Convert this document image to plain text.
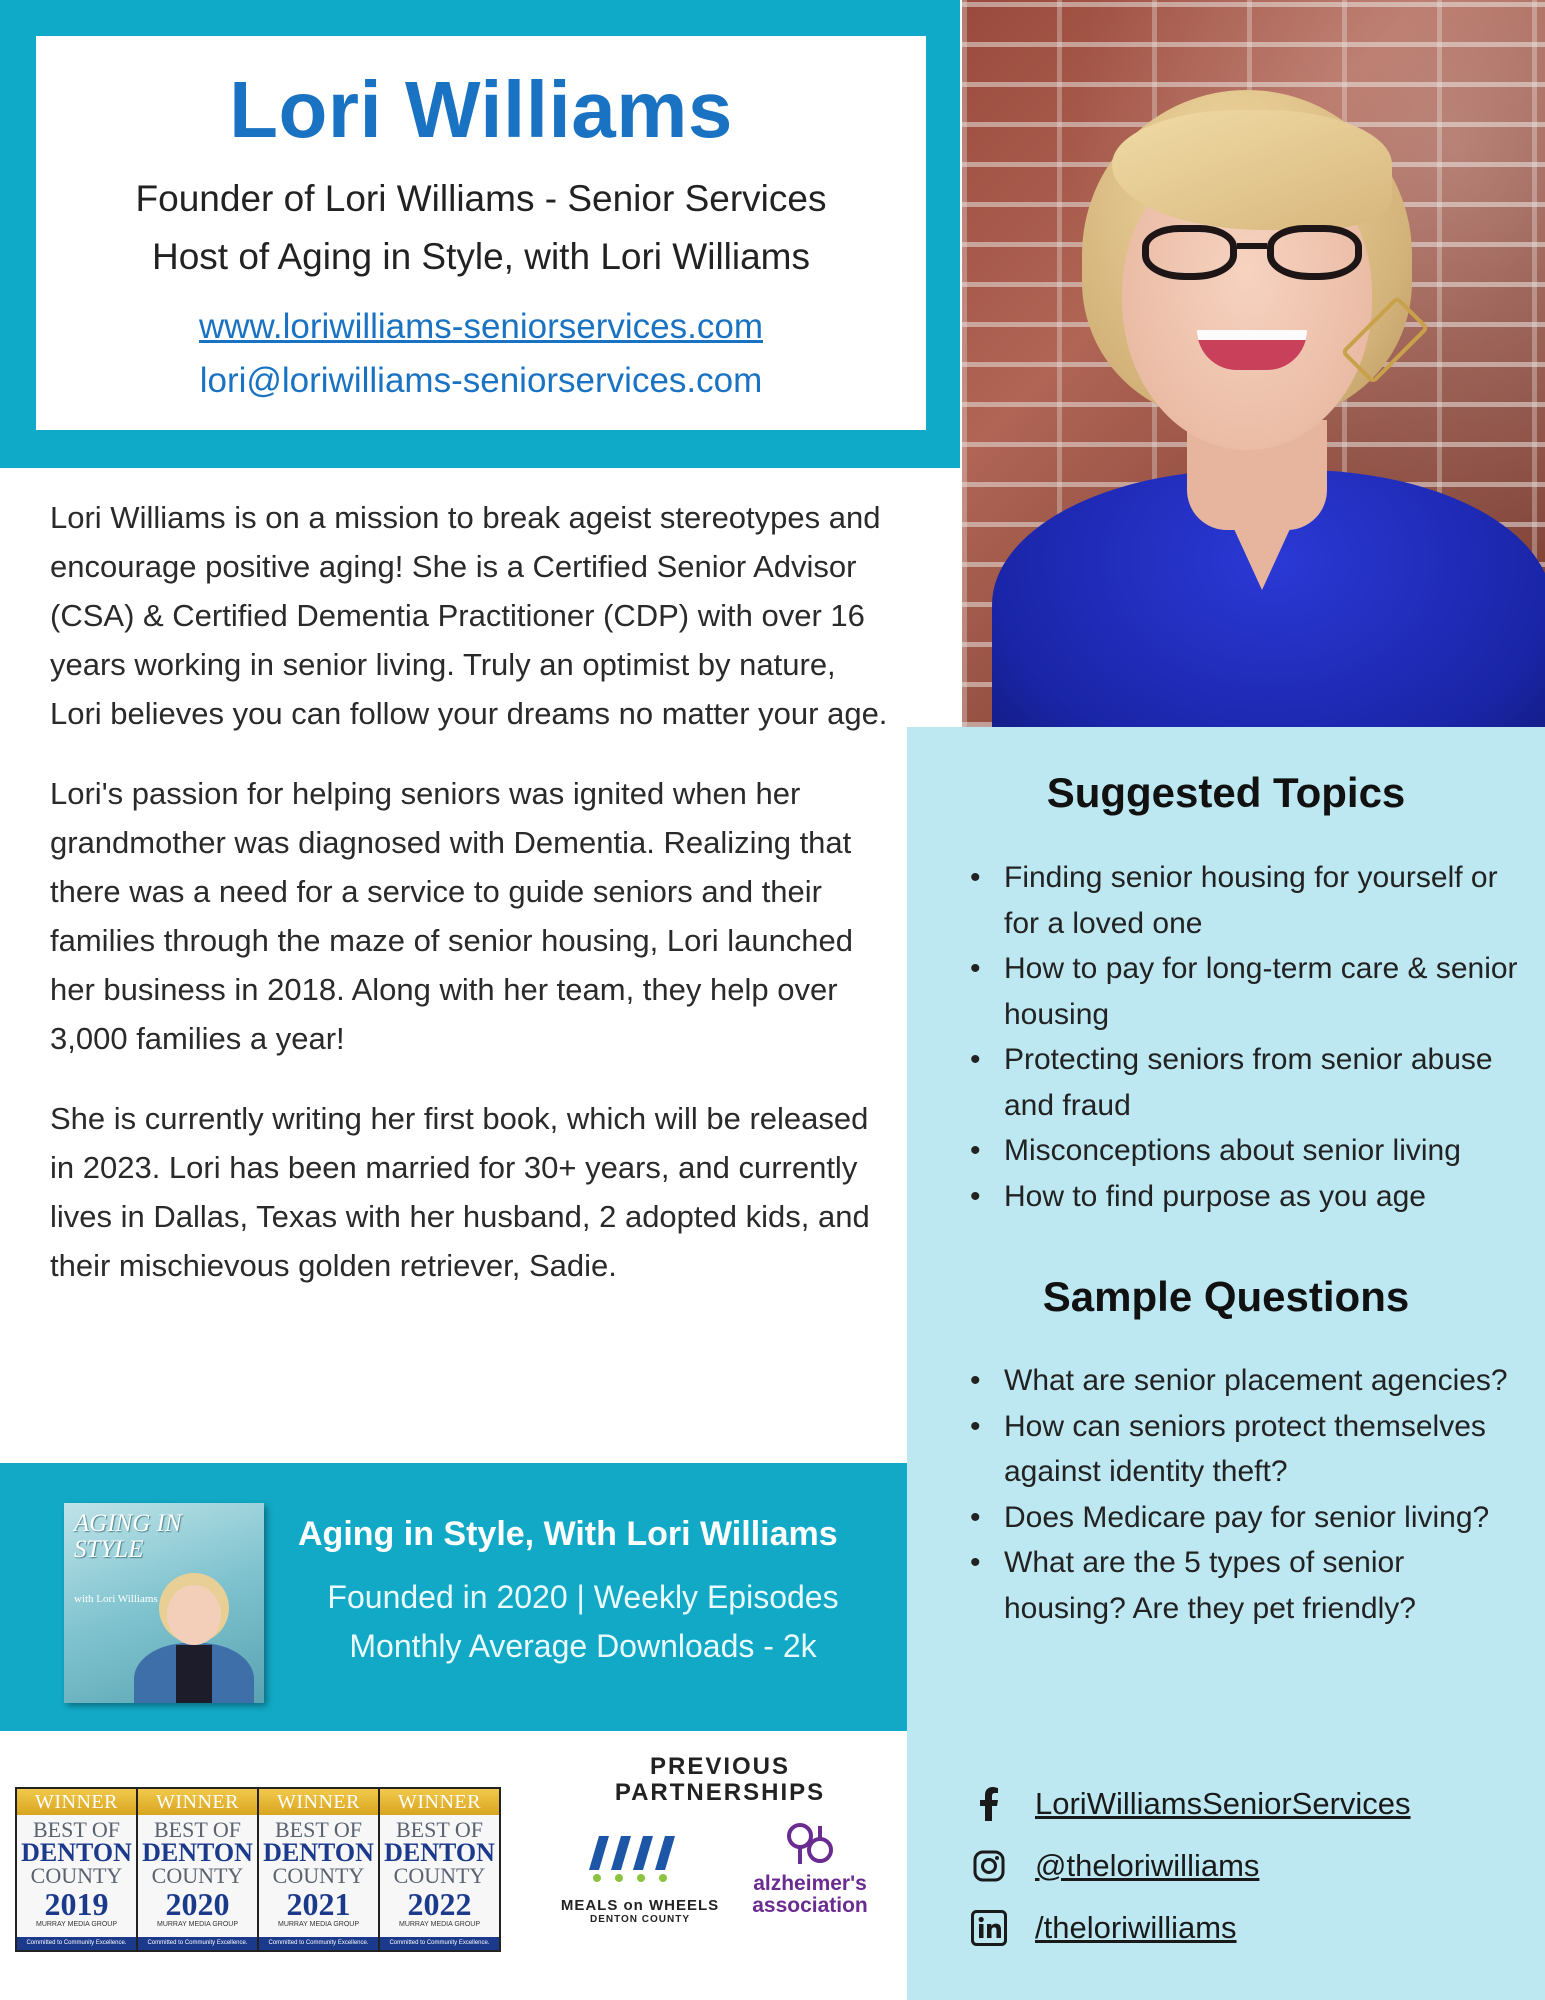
Lori Williams
Founder of Lori Williams - Senior Services
Host of Aging in Style, with Lori Williams
www.loriwilliams-seniorservices.com
lori@loriwilliams-seniorservices.com

Lori Williams is on a mission to break ageist stereotypes and encourage positive aging! She is a Certified Senior Advisor (CSA) & Certified Dementia Practitioner (CDP) with over 16 years working in senior living. Truly an optimist by nature, Lori believes you can follow your dreams no matter your age.

Lori's passion for helping seniors was ignited when her grandmother was diagnosed with Dementia. Realizing that there was a need for a service to guide seniors and their families through the maze of senior housing, Lori launched her business in 2018. Along with her team, they help over 3,000 families a year!

She is currently writing her first book, which will be released in 2023. Lori has been married for 30+ years, and currently lives in Dallas, Texas with her husband, 2 adopted kids, and their mischievous golden retriever, Sadie.

Suggested Topics
• Finding senior housing for yourself or for a loved one
• How to pay for long-term care & senior housing
• Protecting seniors from senior abuse and fraud
• Misconceptions about senior living
• How to find purpose as you age
Sample Questions
• What are senior placement agencies?
• How can seniors protect themselves against identity theft?
• Does Medicare pay for senior living?
• What are the 5 types of senior housing? Are they pet friendly?
LoriWilliamsSeniorServices
@theloriwilliams
/theloriwilliams
AGING IN STYLE
with Lori Williams
Aging in Style, With Lori Williams
Founded in 2020 | Weekly Episodes
Monthly Average Downloads - 2k
WINNER
BEST OF
DENTON
COUNTY
2019
MURRAY MEDIA GROUP
Committed to Community Excellence.
WINNER
BEST OF
DENTON
COUNTY
2020
MURRAY MEDIA GROUP
Committed to Community Excellence.
WINNER
BEST OF
DENTON
COUNTY
2021
MURRAY MEDIA GROUP
Committed to Community Excellence.
WINNER
BEST OF
DENTON
COUNTY
2022
MURRAY MEDIA GROUP
Committed to Community Excellence.
PREVIOUS PARTNERSHIPS
MEALS on WHEELS
DENTON COUNTY
alzheimer's
association
